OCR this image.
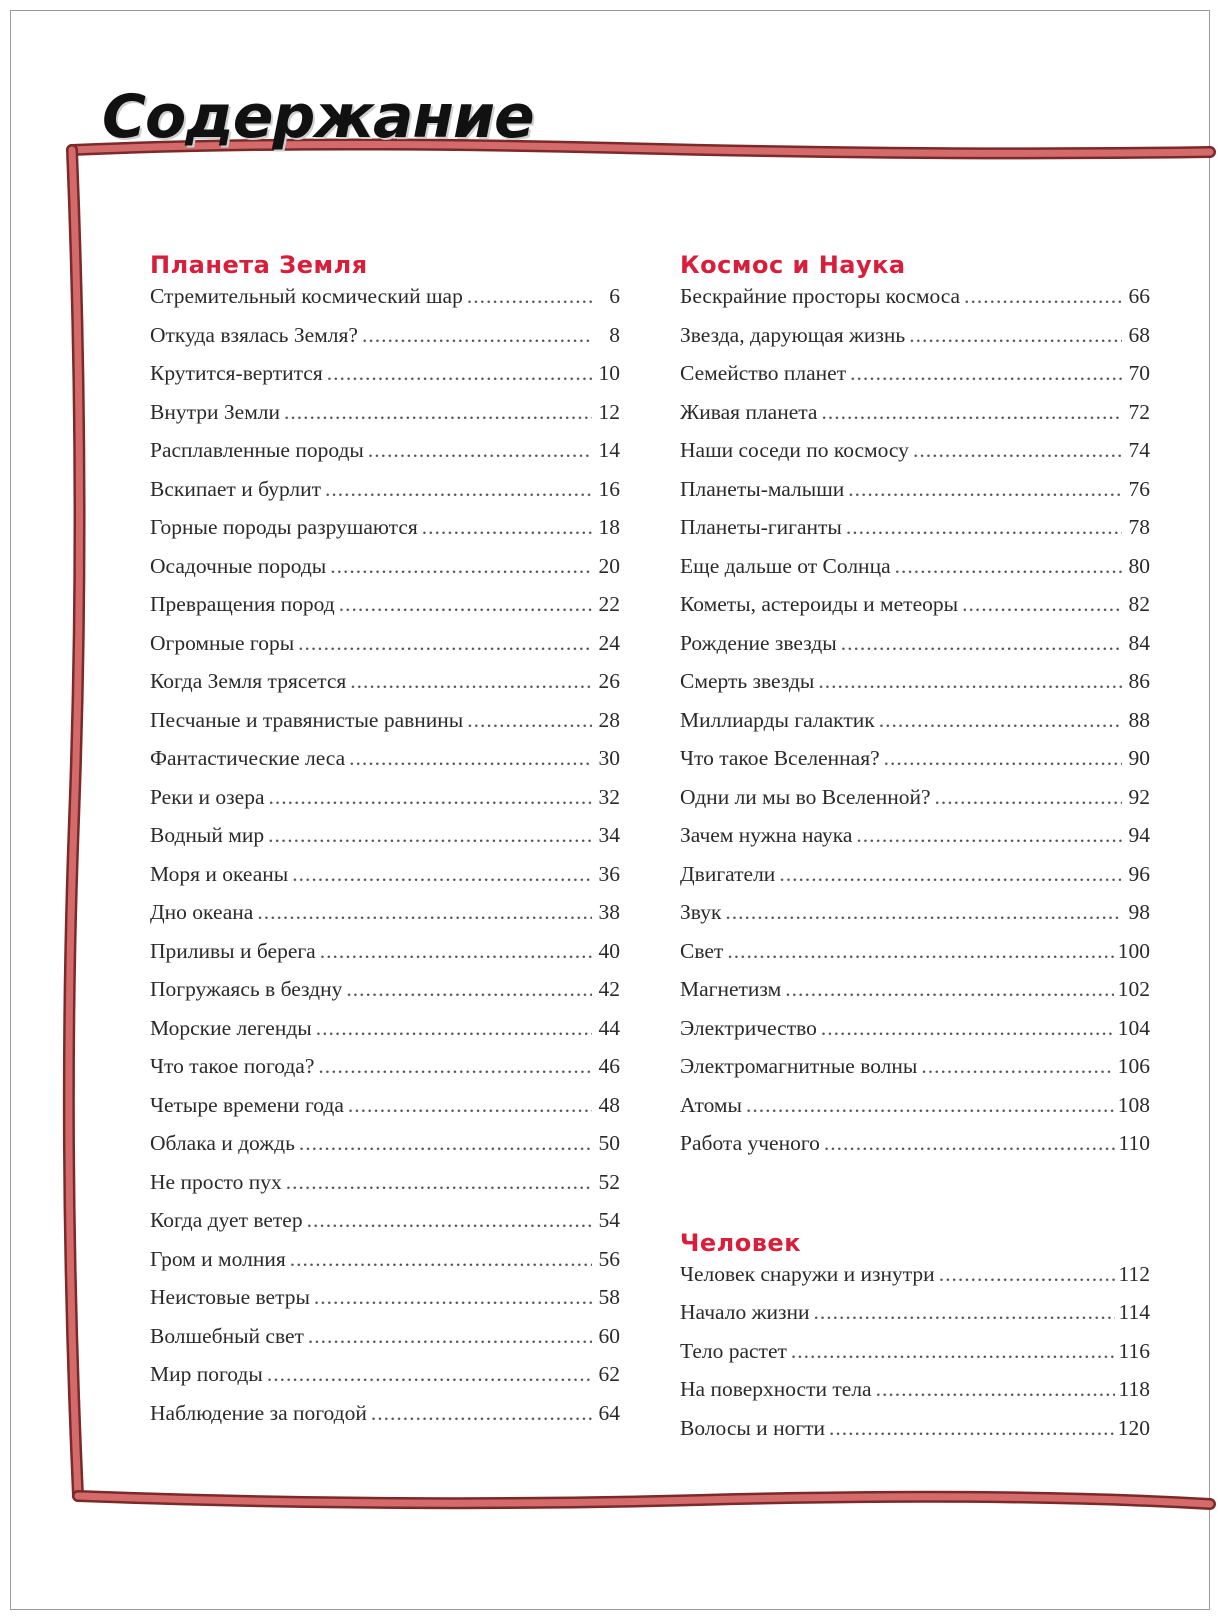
Содержание
Планета Земля
Стремительный космический шар .....	6
Откуда взялась Земля? .....	8
Крутится-вертится .....	10
Внутри Земли .....	12
Расплавленные породы .....	14
Вскипает и бурлит .....	16
Горные породы разрушаются .....	18
Осадочные породы .....	20
Превращения пород .....	22
Огромные горы .....	24
Когда Земля трясется .....	26
Песчаные и травянистые равнины .....	28
Фантастические леса .....	30
Реки и озера .....	32
Водный мир .....	34
Моря и океаны .....	36
Дно океана .....	38
Приливы и берега .....	40
Погружаясь в бездну .....	42
Морские легенды .....	44
Что такое погода? .....	46
Четыре времени года .....	48
Облака и дождь .....	50
Не просто пух .....	52
Когда дует ветер .....	54
Гром и молния .....	56
Неистовые ветры .....	58
Волшебный свет .....	60
Мир погоды .....	62
Наблюдение за погодой .....	64
Космос и Наука
Бескрайние просторы космоса .....	66
Звезда, дарующая жизнь .....	68
Семейство планет .....	70
Живая планета .....	72
Наши соседи по космосу .....	74
Планеты-малыши .....	76
Планеты-гиганты .....	78
Еще дальше от Солнца .....	80
Кометы, астероиды и метеоры .....	82
Рождение звезды .....	84
Смерть звезды .....	86
Миллиарды галактик .....	88
Что такое Вселенная? .....	90
Одни ли мы во Вселенной? .....	92
Зачем нужна наука .....	94
Двигатели .....	96
Звук .....	98
Свет .....	100
Магнетизм .....	102
Электричество .....	104
Электромагнитные волны .....	106
Атомы .....	108
Работа ученого .....	110
Человек
Человек снаружи и изнутри .....	112
Начало жизни .....	114
Тело растет .....	116
На поверхности тела .....	118
Волосы и ногти .....	120
